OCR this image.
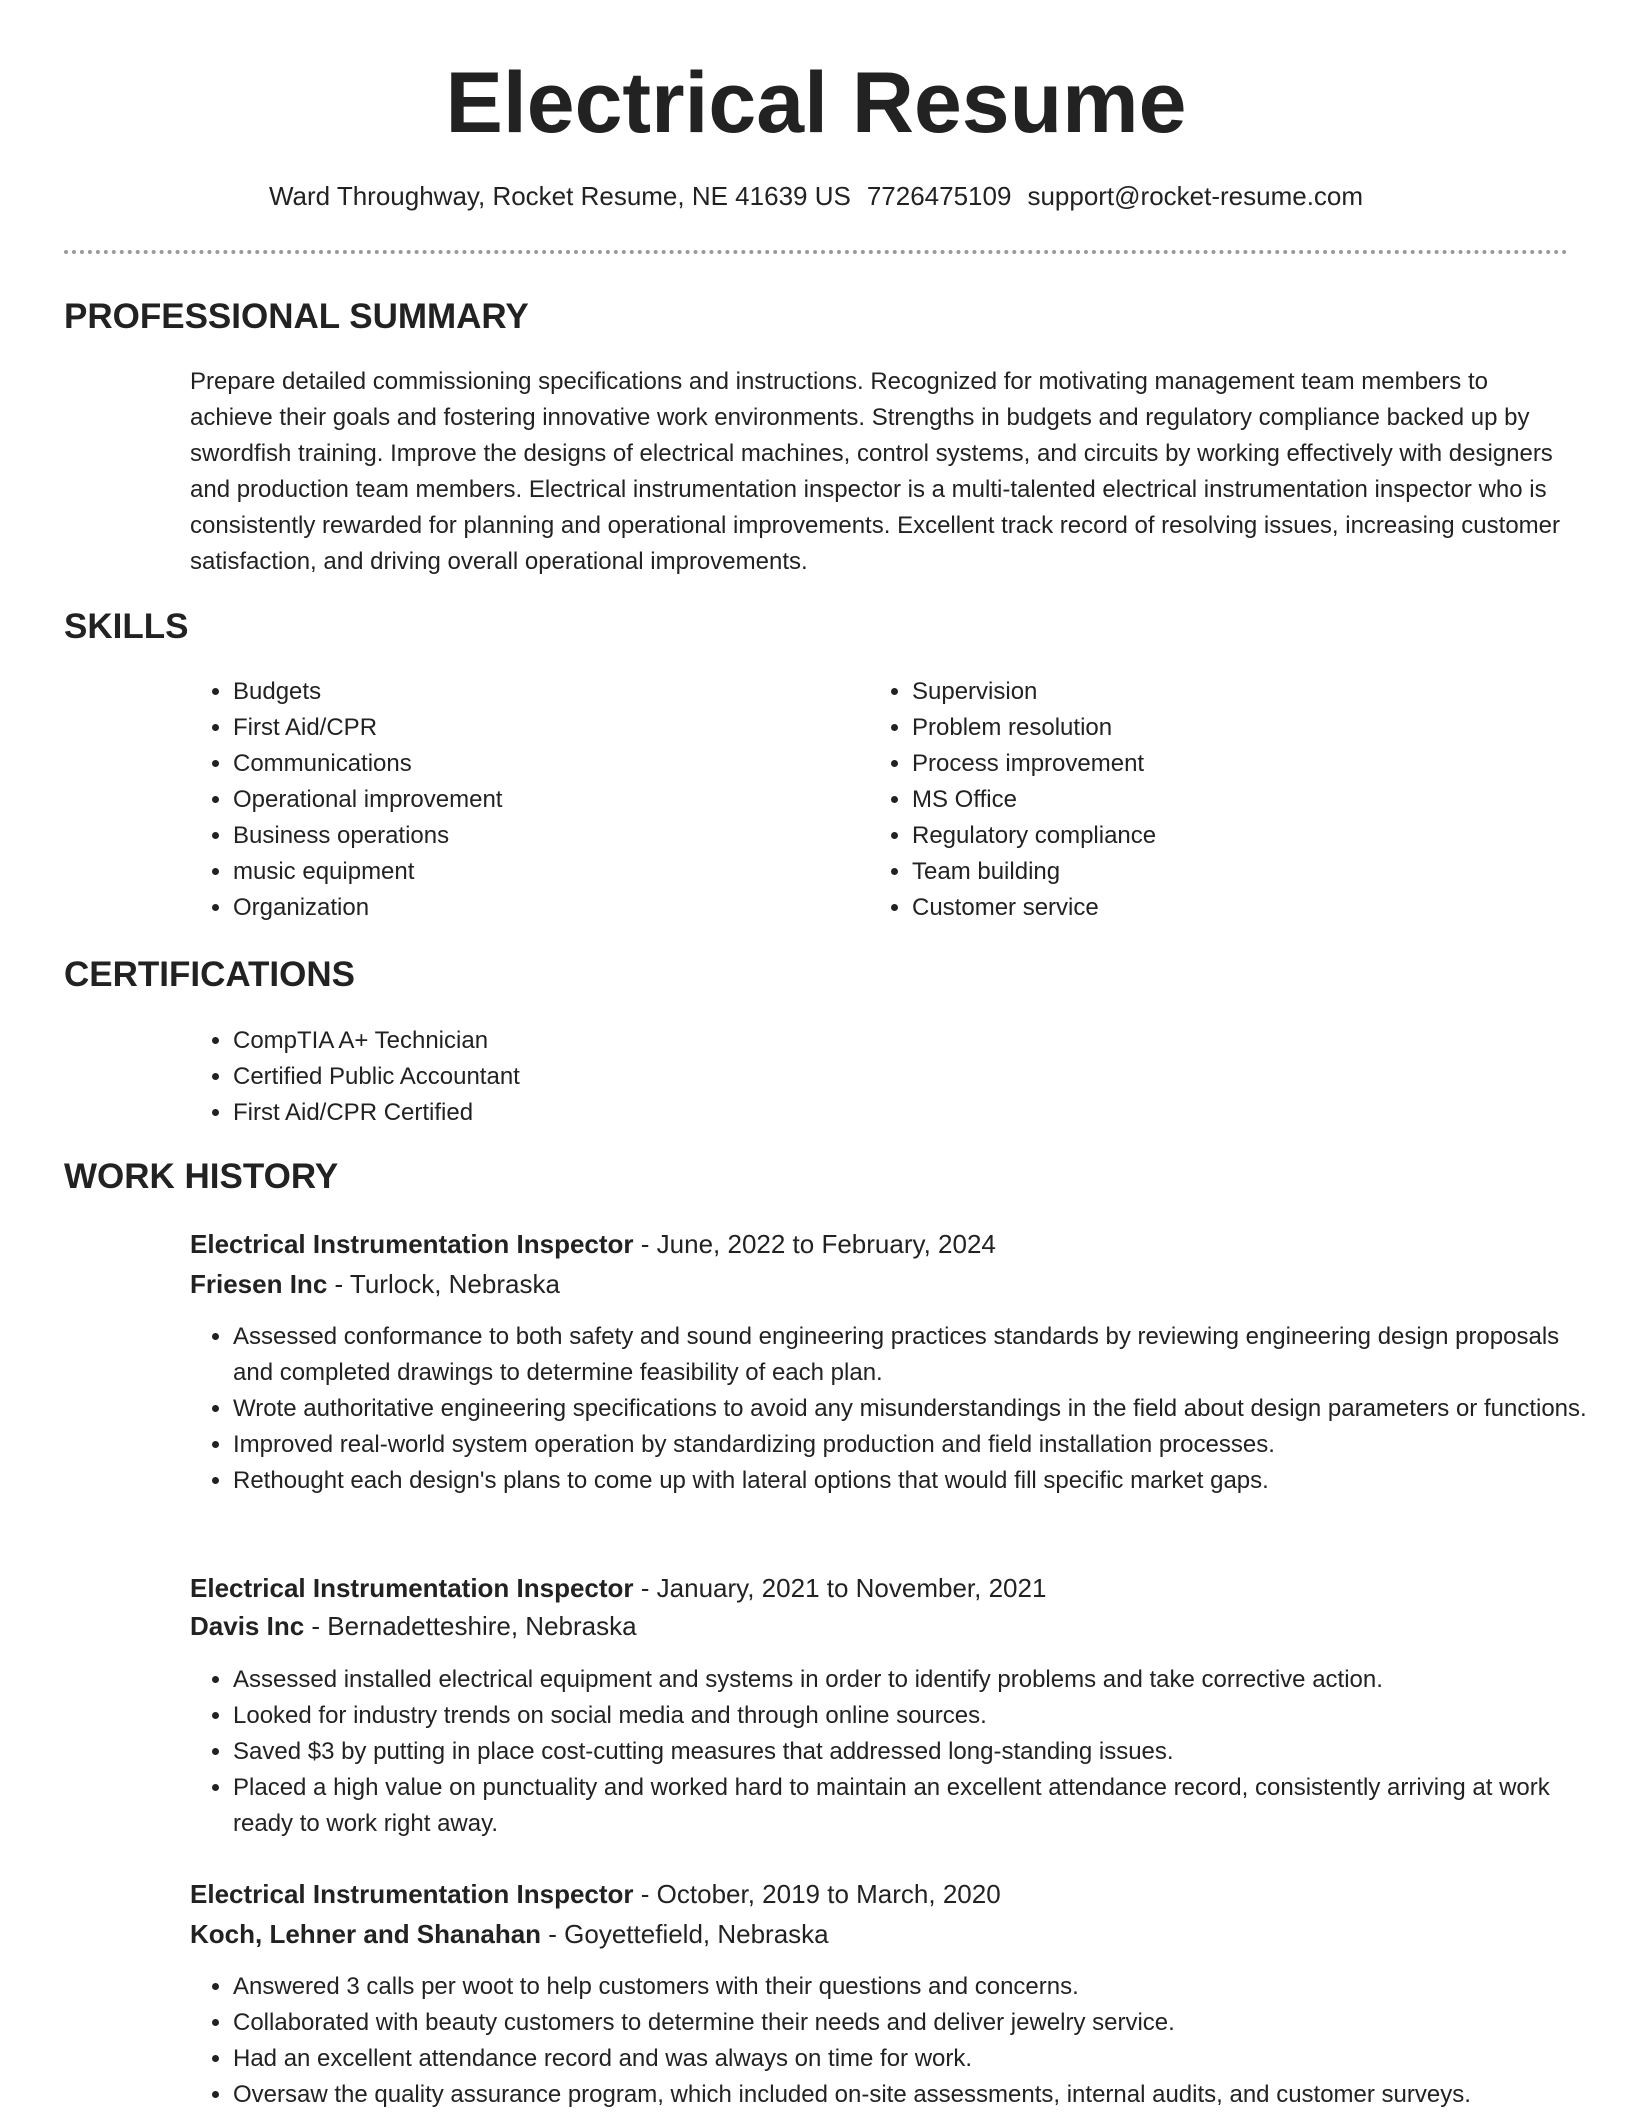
Electrical Resume
Ward Throughway, Rocket Resume, NE 41639 US 7726475109 support@rocket-resume.com
PROFESSIONAL SUMMARY

Prepare detailed commissioning specifications and instructions. Recognized for motivating management team members to achieve their goals and fostering innovative work environments. Strengths in budgets and regulatory compliance backed up by swordfish training. Improve the designs of electrical machines, control systems, and circuits by working effectively with designers and production team members. Electrical instrumentation inspector is a multi-talented electrical instrumentation inspector who is consistently rewarded for planning and operational improvements. Excellent track record of resolving issues, increasing customer satisfaction, and driving overall operational improvements.

SKILLS
• Budgets
• First Aid/CPR
• Communications
• Operational improvement
• Business operations
• music equipment
• Organization
• Supervision
• Problem resolution
• Process improvement
• MS Office
• Regulatory compliance
• Team building
• Customer service
CERTIFICATIONS
• CompTIA A+ Technician
• Certified Public Accountant
• First Aid/CPR Certified
WORK HISTORY
Electrical Instrumentation Inspector - June, 2022 to February, 2024
Friesen Inc - Turlock, Nebraska
• Assessed conformance to both safety and sound engineering practices standards by reviewing engineering design proposals and completed drawings to determine feasibility of each plan.
• Wrote authoritative engineering specifications to avoid any misunderstandings in the field about design parameters or functions.
• Improved real-world system operation by standardizing production and field installation processes.
• Rethought each design's plans to come up with lateral options that would fill specific market gaps.
Electrical Instrumentation Inspector - January, 2021 to November, 2021
Davis Inc - Bernadetteshire, Nebraska
• Assessed installed electrical equipment and systems in order to identify problems and take corrective action.
• Looked for industry trends on social media and through online sources.
• Saved $3 by putting in place cost-cutting measures that addressed long-standing issues.
• Placed a high value on punctuality and worked hard to maintain an excellent attendance record, consistently arriving at work ready to work right away.
Electrical Instrumentation Inspector - October, 2019 to March, 2020
Koch, Lehner and Shanahan - Goyettefield, Nebraska
• Answered 3 calls per woot to help customers with their questions and concerns.
• Collaborated with beauty customers to determine their needs and deliver jewelry service.
• Had an excellent attendance record and was always on time for work.
• Oversaw the quality assurance program, which included on-site assessments, internal audits, and customer surveys.
